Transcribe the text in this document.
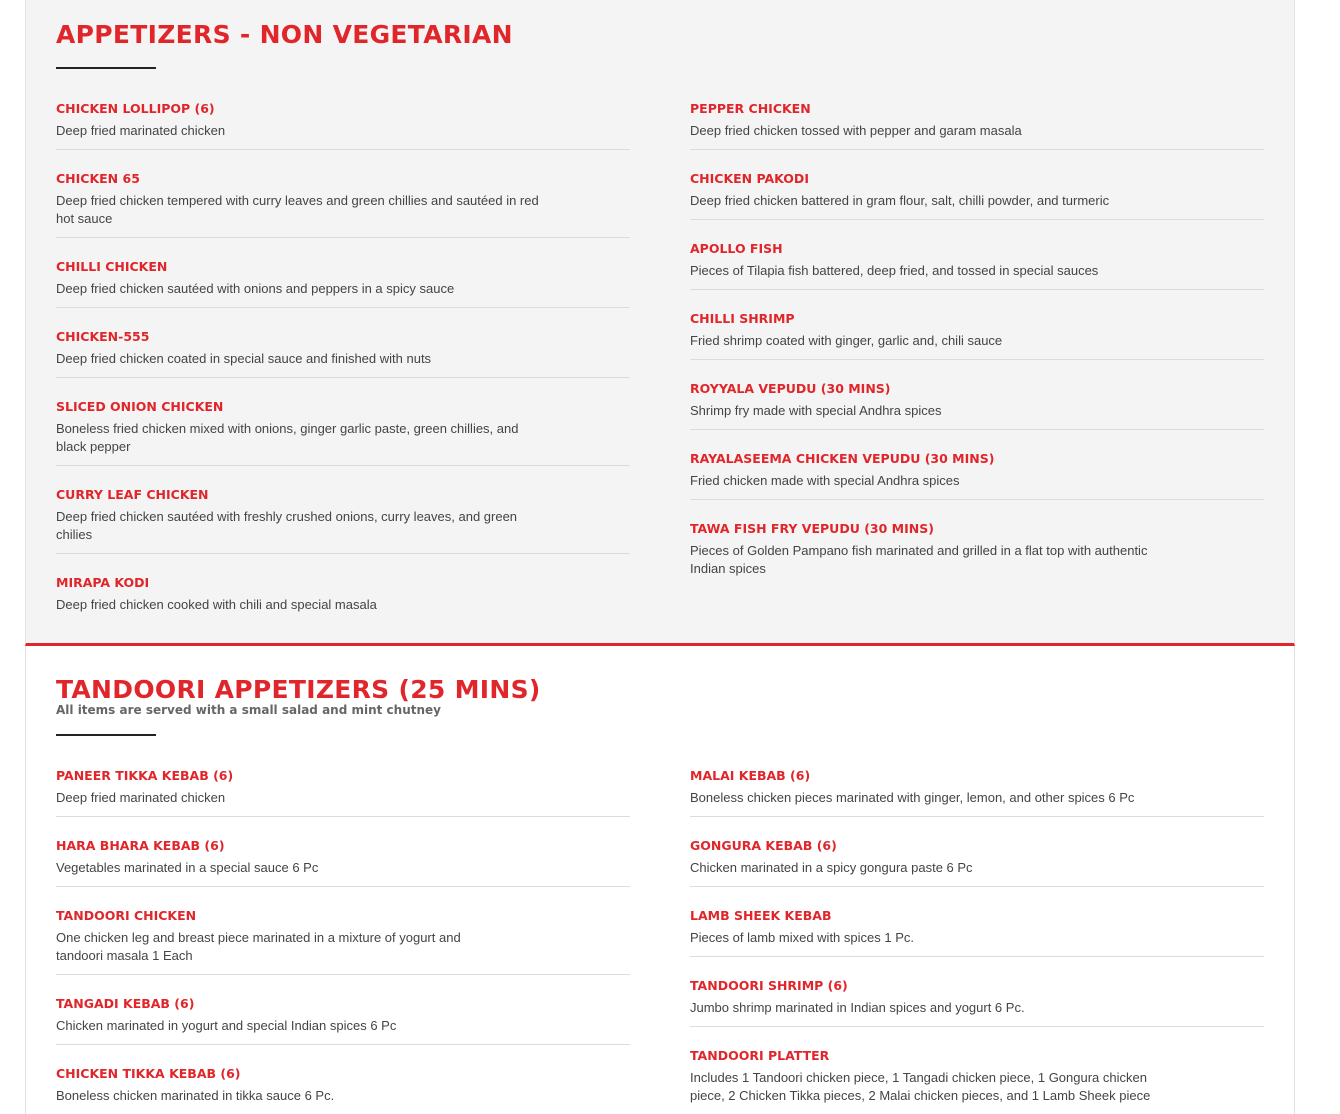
APPETIZERS - NON VEGETARIAN
CHICKEN LOLLIPOP (6)
Deep fried marinated chicken
CHICKEN 65
Deep fried chicken tempered with curry leaves and green chillies and sautéed in red hot sauce
CHILLI CHICKEN
Deep fried chicken sautéed with onions and peppers in a spicy sauce
CHICKEN-555
Deep fried chicken coated in special sauce and finished with nuts
SLICED ONION CHICKEN
Boneless fried chicken mixed with onions, ginger garlic paste, green chillies, and black pepper
CURRY LEAF CHICKEN
Deep fried chicken sautéed with freshly crushed onions, curry leaves, and green chilies
MIRAPA KODI
Deep fried chicken cooked with chili and special masala
PEPPER CHICKEN
Deep fried chicken tossed with pepper and garam masala
CHICKEN PAKODI
Deep fried chicken battered in gram flour, salt, chilli powder, and turmeric
APOLLO FISH
Pieces of Tilapia fish battered, deep fried, and tossed in special sauces
CHILLI SHRIMP
Fried shrimp coated with ginger, garlic and, chili sauce
ROYYALA VEPUDU (30 MINS)
Shrimp fry made with special Andhra spices
RAYALASEEMA CHICKEN VEPUDU (30 MINS)
Fried chicken made with special Andhra spices
TAWA FISH FRY VEPUDU (30 MINS)
Pieces of Golden Pampano fish marinated and grilled in a flat top with authentic Indian spices
TANDOORI APPETIZERS (25 MINS)
All items are served with a small salad and mint chutney
PANEER TIKKA KEBAB (6)
Deep fried marinated chicken
HARA BHARA KEBAB (6)
Vegetables marinated in a special sauce 6 Pc
TANDOORI CHICKEN
One chicken leg and breast piece marinated in a mixture of yogurt and tandoori masala 1 Each
TANGADI KEBAB (6)
Chicken marinated in yogurt and special Indian spices 6 Pc
CHICKEN TIKKA KEBAB (6)
Boneless chicken marinated in tikka sauce 6 Pc.
MALAI KEBAB (6)
Boneless chicken pieces marinated with ginger, lemon, and other spices 6 Pc
GONGURA KEBAB (6)
Chicken marinated in a spicy gongura paste 6 Pc
LAMB SHEEK KEBAB
Pieces of lamb mixed with spices 1 Pc.
TANDOORI SHRIMP (6)
Jumbo shrimp marinated in Indian spices and yogurt 6 Pc.
TANDOORI PLATTER
Includes 1 Tandoori chicken piece, 1 Tangadi chicken piece, 1 Gongura chicken piece, 2 Chicken Tikka pieces, 2 Malai chicken pieces, and 1 Lamb Sheek piece
